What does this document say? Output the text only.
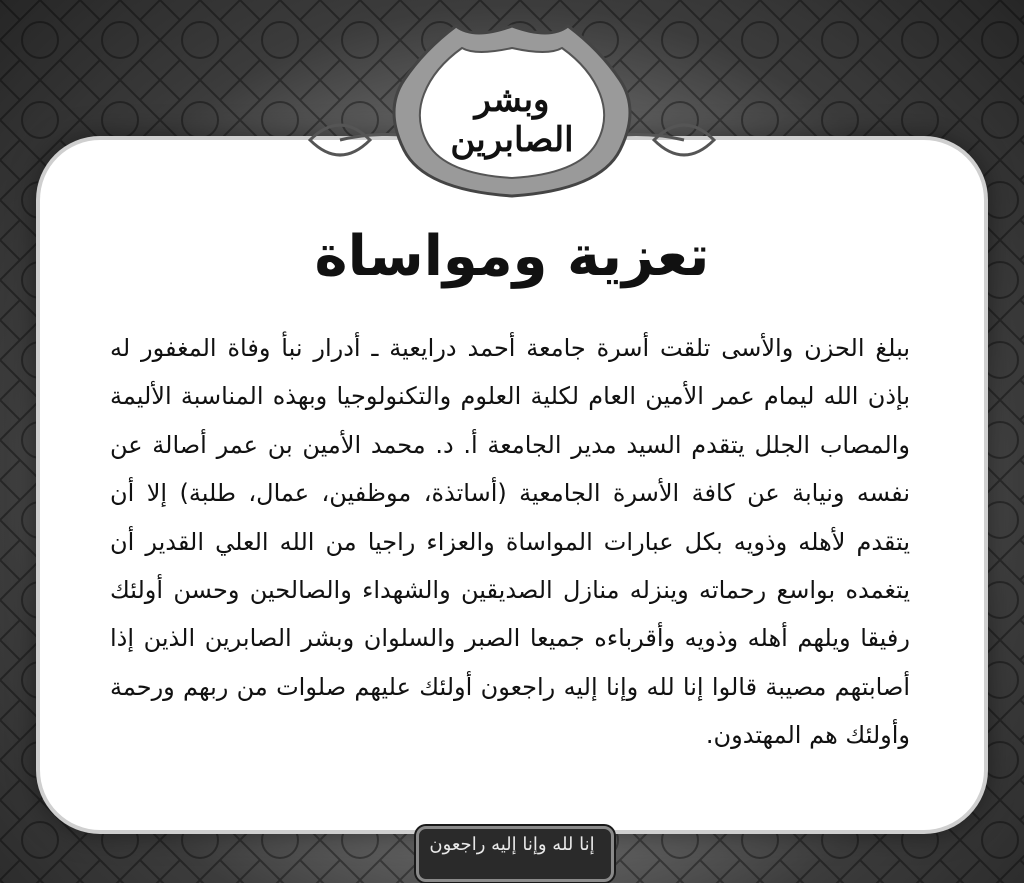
وبشر الصابرين
تعزية ومواساة
ببلغ الحزن والأسى تلقت أسرة جامعة أحمد درايعية ـ أدرار نبأ وفاة المغفور له بإذن الله ليمام عمر الأمين العام لكلية العلوم والتكنولوجيا وبهذه المناسبة الأليمة والمصاب الجلل يتقدم السيد مدير الجامعة أ. د. محمد الأمين بن عمر أصالة عن نفسه ونيابة عن كافة الأسرة الجامعية (أساتذة، موظفين، عمال، طلبة) إلا أن يتقدم لأهله وذويه بكل عبارات المواساة والعزاء راجيا من الله العلي القدير أن يتغمده بواسع رحماته وينزله منازل الصديقين والشهداء والصالحين وحسن أولئك رفيقا ويلهم أهله وذويه وأقرباءه جميعا الصبر والسلوان وبشر الصابرين الذين إذا أصابتهم مصيبة قالوا إنا لله وإنا إليه راجعون أولئك عليهم صلوات من ربهم ورحمة وأولئك هم المهتدون.
إنا لله وإنا إليه راجعون
